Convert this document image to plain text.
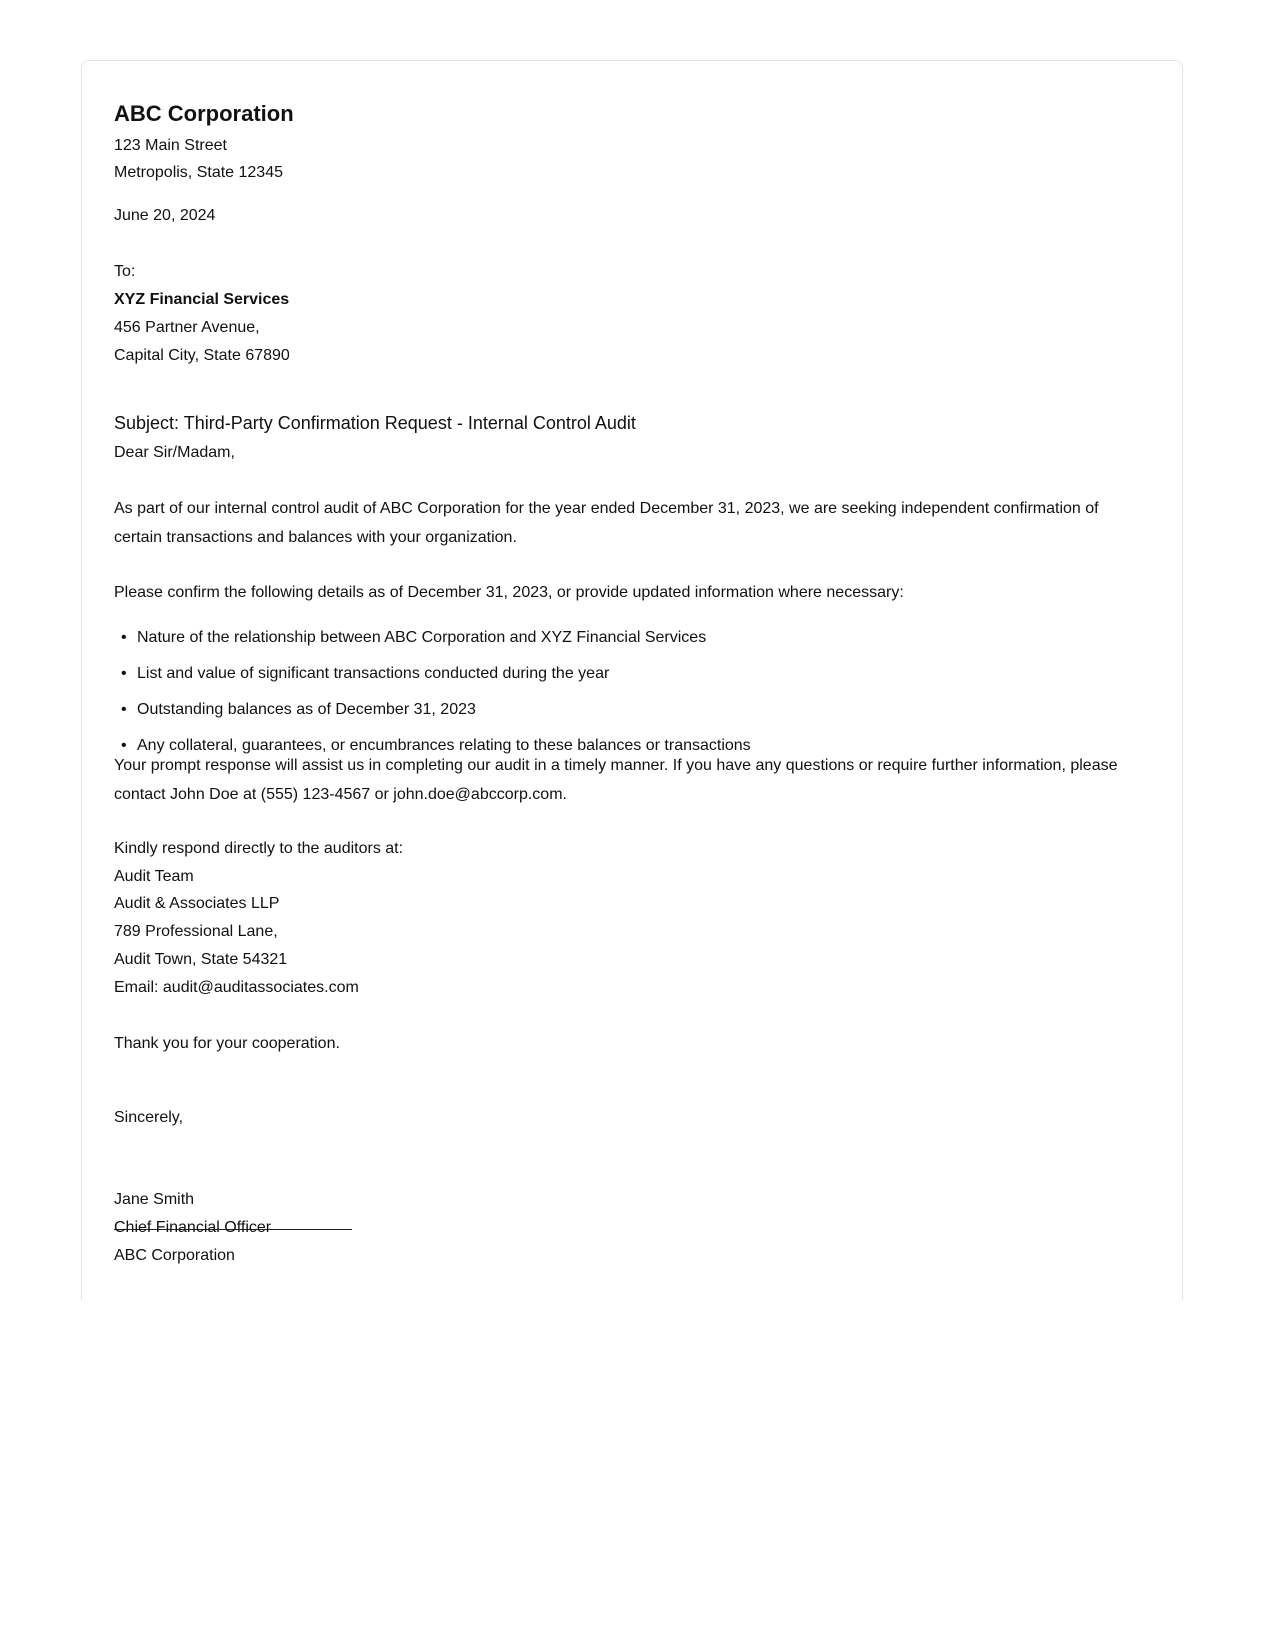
ABC Corporation
123 Main Street
Metropolis, State 12345
June 20, 2024
To:
XYZ Financial Services
456 Partner Avenue,
Capital City, State 67890
Subject: Third-Party Confirmation Request - Internal Control Audit
Dear Sir/Madam,

As part of our internal control audit of ABC Corporation for the year ended December 31, 2023, we are seeking independent confirmation of certain transactions and balances with your organization.

Please confirm the following details as of December 31, 2023, or provide updated information where necessary:

• Nature of the relationship between ABC Corporation and XYZ Financial Services
• List and value of significant transactions conducted during the year
• Outstanding balances as of December 31, 2023
• Any collateral, guarantees, or encumbrances relating to these balances or transactions

Your prompt response will assist us in completing our audit in a timely manner. If you have any questions or require further information, please contact John Doe at (555) 123-4567 or john.doe@abccorp.com.

Kindly respond directly to the auditors at:
Audit Team
Audit & Associates LLP
789 Professional Lane,
Audit Town, State 54321
Email: audit@auditassociates.com
Thank you for your cooperation.
Sincerely,
Jane Smith
Chief Financial Officer
ABC Corporation
